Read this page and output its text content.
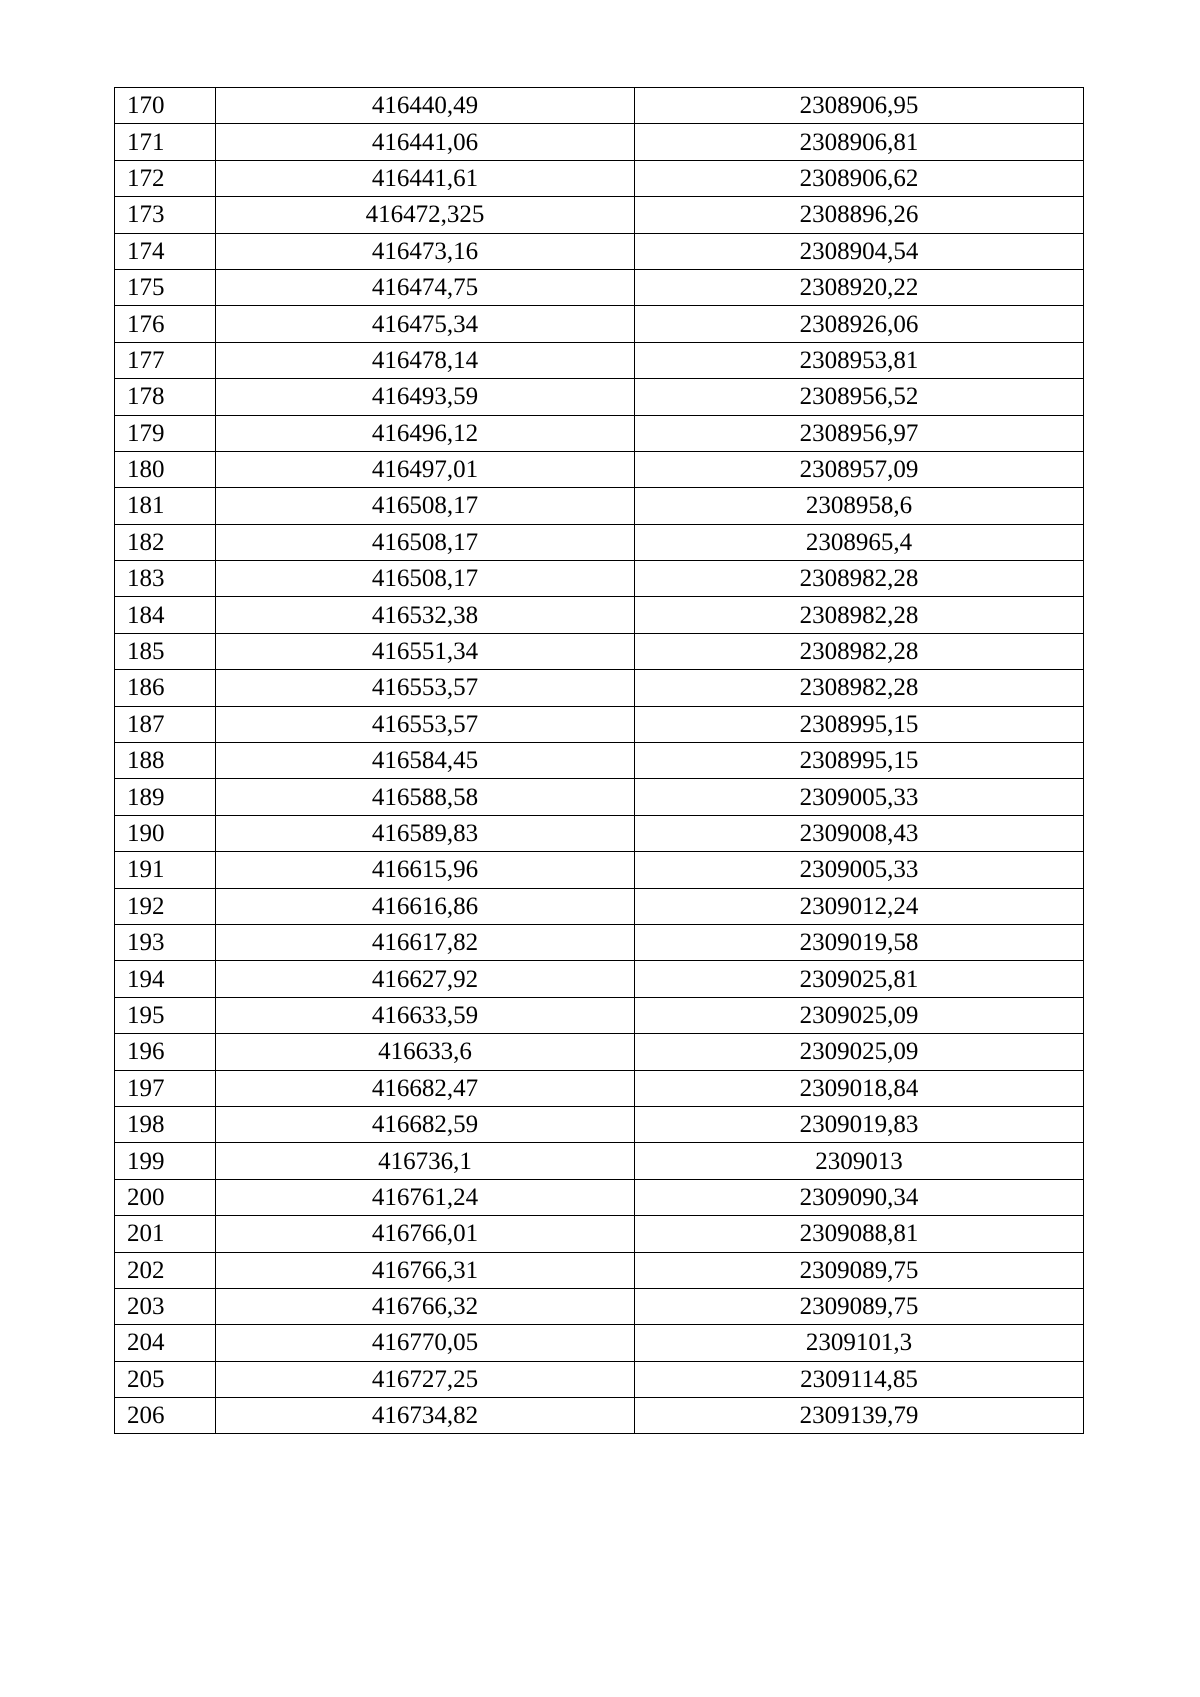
170	416440,49	2308906,95
171	416441,06	2308906,81
172	416441,61	2308906,62
173	416472,325	2308896,26
174	416473,16	2308904,54
175	416474,75	2308920,22
176	416475,34	2308926,06
177	416478,14	2308953,81
178	416493,59	2308956,52
179	416496,12	2308956,97
180	416497,01	2308957,09
181	416508,17	2308958,6
182	416508,17	2308965,4
183	416508,17	2308982,28
184	416532,38	2308982,28
185	416551,34	2308982,28
186	416553,57	2308982,28
187	416553,57	2308995,15
188	416584,45	2308995,15
189	416588,58	2309005,33
190	416589,83	2309008,43
191	416615,96	2309005,33
192	416616,86	2309012,24
193	416617,82	2309019,58
194	416627,92	2309025,81
195	416633,59	2309025,09
196	416633,6	2309025,09
197	416682,47	2309018,84
198	416682,59	2309019,83
199	416736,1	2309013
200	416761,24	2309090,34
201	416766,01	2309088,81
202	416766,31	2309089,75
203	416766,32	2309089,75
204	416770,05	2309101,3
205	416727,25	2309114,85
206	416734,82	2309139,79
